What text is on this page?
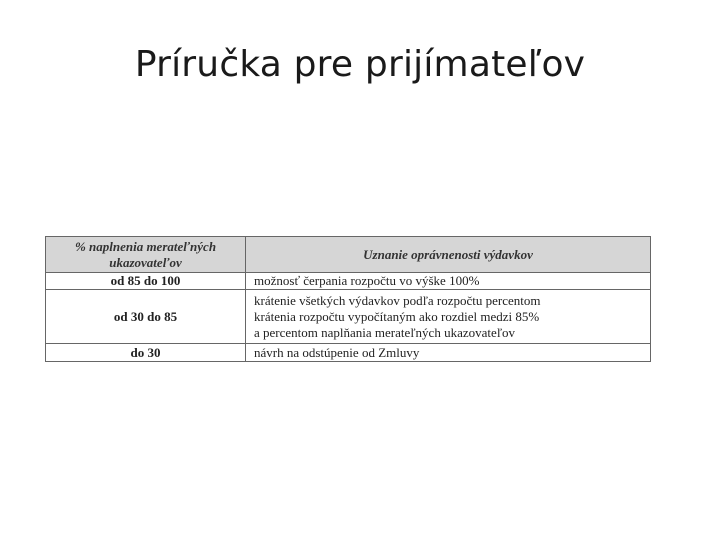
Príručka pre prijímateľov
% naplnenia merateľných
ukazovateľov	Uznanie oprávnenosti výdavkov

od 85 do 100	možnosť čerpania rozpočtu vo výške 100%

od 30 do 85	krátenie všetkých výdavkov podľa rozpočtu percentom
krátenia rozpočtu vypočítaným ako rozdiel medzi 85%
a percentom naplňania merateľných ukazovateľov

do 30	návrh na odstúpenie od Zmluvy
